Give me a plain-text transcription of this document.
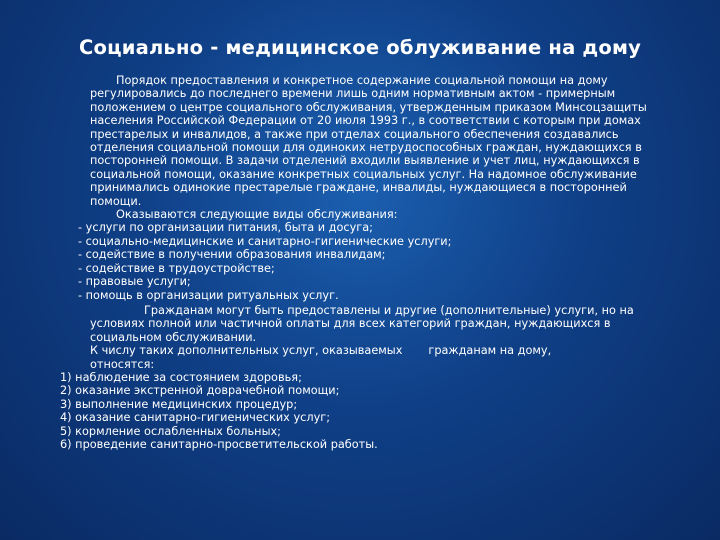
Социально - медицинское облуживание на дому

Порядок предоставления и конкретное содержание социальной помощи на дому регулировались до последнего времени лишь одним нормативным актом - примерным положением о центре социального обслуживания, утвержденным приказом Минсоцзащиты населения Российской Федерации от 20 июля 1993 г., в соответствии с которым при домах престарелых и инвалидов, а также при отделах социального обеспечения создавались отделения социальной помощи для одиноких нетрудоспособных граждан, нуждающихся в посторонней помощи. В задачи отделений входили выявление и учет лиц, нуждающихся в социальной помощи, оказание конкретных социальных услуг. На надомное обслуживание принимались одинокие престарелые граждане, инвалиды, нуждающиеся в посторонней помощи.

Оказываются следующие виды обслуживания:

- услуги по организации питания, быта и досуга;

- социально-медицинские и санитарно-гигиенические услуги;

- содействие в получении образования инвалидам;

- содействие в трудоустройстве;

- правовые услуги;

- помощь в организации ритуальных услуг.

Гражданам могут быть предоставлены и другие (дополнительные) услуги, но на условиях полной или частичной оплаты для всех категорий граждан, нуждающихся в социальном обслуживании.

К числу таких дополнительных услуг, оказываемых гражданам на дому,

относятся:

1) наблюдение за состоянием здоровья;

2) оказание экстренной доврачебной помощи;

3) выполнение медицинских процедур;

4) оказание санитарно-гигиенических услуг;

5) кормление ослабленных больных;

6) проведение санитарно-просветительской работы.
